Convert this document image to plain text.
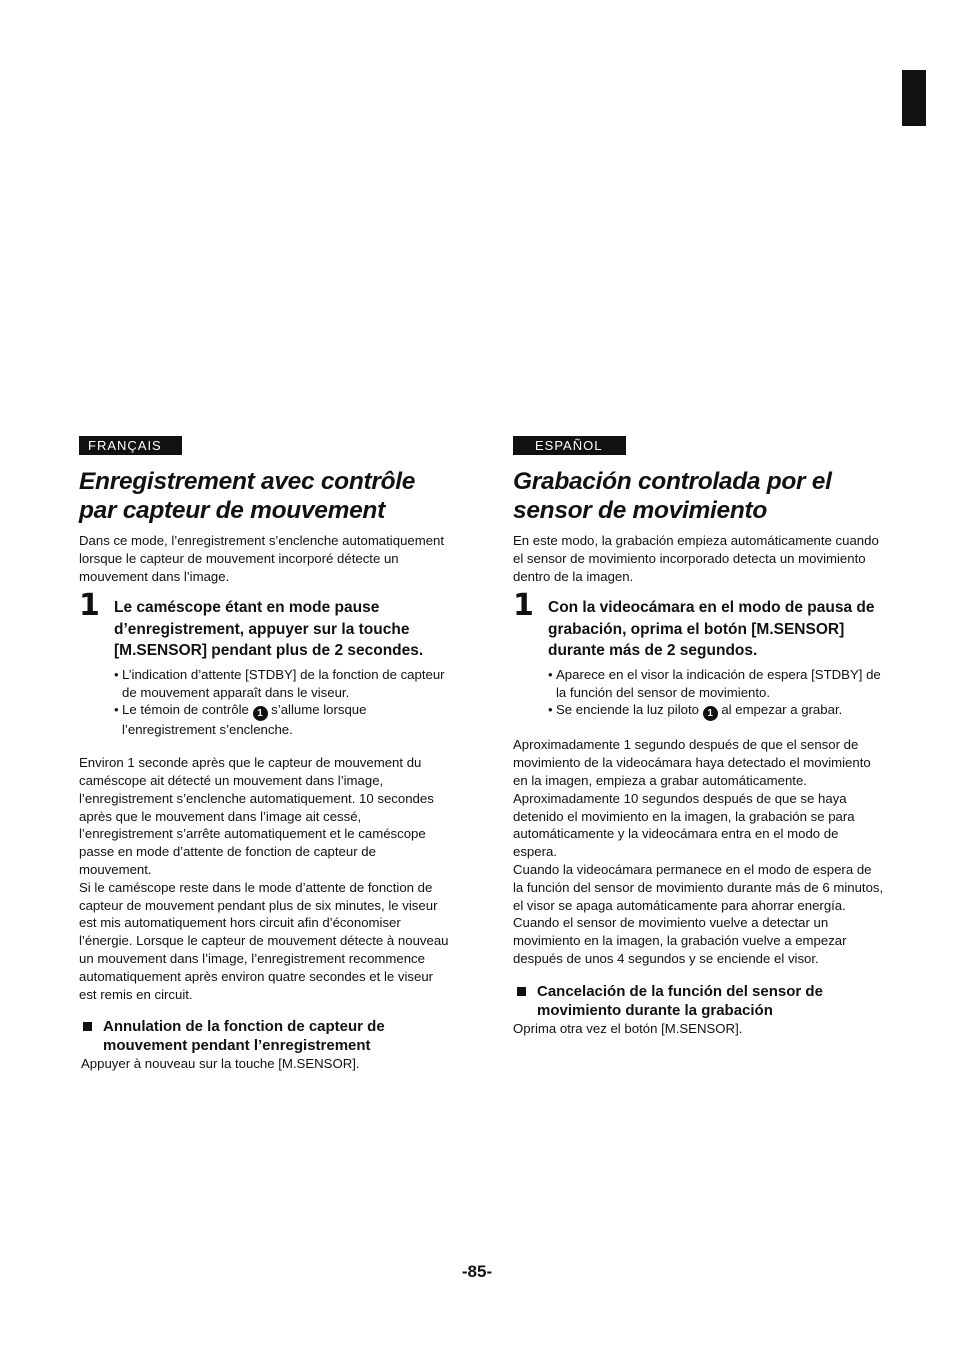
FRANÇAIS
Enregistrement avec contrôle
par capteur de mouvement

Dans ce mode, l’enregistrement s’enclenche automatiquement lorsque le capteur de mouvement incorporé détecte un mouvement dans l’image.

1 Le caméscope étant en mode pause d’enregistrement, appuyer sur la touche [M.SENSOR] pendant plus de 2 secondes.
• L’indication d’attente [STDBY] de la fonction de capteur de mouvement apparaît dans le viseur.
• Le témoin de contrôle 1 s’allume lorsque l’enregistrement s’enclenche.

Environ 1 seconde après que le capteur de mouvement du caméscope ait détecté un mouvement dans l’image, l’enregistrement s’enclenche automatiquement. 10 secondes après que le mouvement dans l’image ait cessé, l’enregistrement s’arrête automatiquement et le caméscope passe en mode d’attente de fonction de capteur de mouvement.

Si le caméscope reste dans le mode d’attente de fonction de capteur de mouvement pendant plus de six minutes, le viseur est mis automatiquement hors circuit afin d’économiser l’énergie. Lorsque le capteur de mouvement détecte à nouveau un mouvement dans l’image, l’enregistrement recommence automatiquement après environ quatre secondes et le viseur est remis en circuit.

Annulation de la fonction de capteur de mouvement pendant l’enregistrement
Appuyer à nouveau sur la touche [M.SENSOR].
ESPAÑOL
Grabación controlada por el
sensor de movimiento

En este modo, la grabación empieza automáticamente cuando el sensor de movimiento incorporado detecta un movimiento dentro de la imagen.

1 Con la videocámara en el modo de pausa de grabación, oprima el botón [M.SENSOR] durante más de 2 segundos.
• Aparece en el visor la indicación de espera [STDBY] de la función del sensor de movimiento.
• Se enciende la luz piloto 1 al empezar a grabar.

Aproximadamente 1 segundo después de que el sensor de movimiento de la videocámara haya detectado el movimiento en la imagen, empieza a grabar automáticamente. Aproximadamente 10 segundos después de que se haya detenido el movimiento en la imagen, la grabación se para automáticamente y la videocámara entra en el modo de espera.

Cuando la videocámara permanece en el modo de espera de la función del sensor de movimiento durante más de 6 minutos, el visor se apaga automáticamente para ahorrar energía. Cuando el sensor de movimiento vuelve a detectar un movimiento en la imagen, la grabación vuelve a empezar después de unos 4 segundos y se enciende el visor.

Cancelación de la función del sensor de movimiento durante la grabación
Oprima otra vez el botón [M.SENSOR].
-85-
